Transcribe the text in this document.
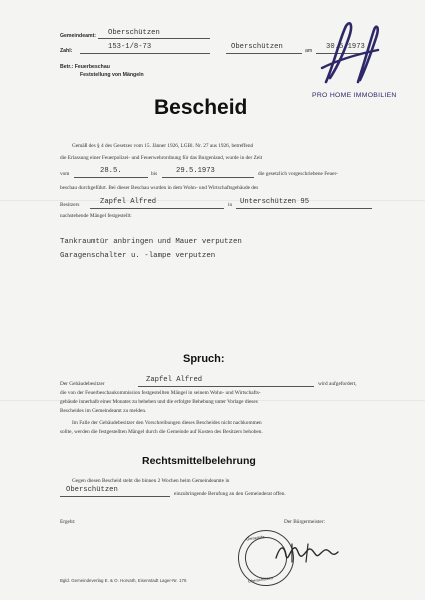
Gemeindeamt: Oberschützen
Zahl:	153-1/8-73	Oberschützen	am 30.5.1973
Betr.: Feuerbeschau
Feststellung von Mängeln
PRO HOME IMMOBILIEN
Bescheid
Gemäß des § 4 des Gesetzes vom 15. Jänner 1926, LGBl. Nr. 27 aus 1926, betreffend
die Erlassung einer Feuerpolizei- und Feuerwehrordnung für das Burgenland, wurde in der Zeit
vom	28.5.	bis	29.5.1973	die gesetzlich vorgeschriebene Feuer-
beschau durchgeführt. Bei dieser Beschau wurden in dem Wohn- und Wirtschaftsgebäude des
Besitzers	Zapfel Alfred	in Unterschützen 95
nachstehende Mängel festgestellt:
Tankraumtür anbringen und Mauer verputzen
Garagenschalter u. -lampe verputzen
Spruch:
Der Gebäudebesitzer	Zapfel Alfred	wird aufgefordert,
die von der Feuerbeschaukommission festgestellten Mängel in seinem Wohn- und Wirtschafts-
gebäude innerhalb eines Monates zu beheben und die erfolgte Behebung unter Vorlage dieses
Bescheides im Gemeindeamt zu melden.
Im Falle der Gebäudebesitzer den Vorschreibungen dieses Bescheides nicht nachkommen
sollte, werden die festgestellten Mängel durch die Gemeinde auf Kosten des Besitzers behoben.
Rechtsmittelbelehrung
Gegen diesen Bescheid steht die binnen 2 Wochen beim Gemeindeamte in
Oberschützen	einzubringende Berufung an den Gemeinderat offen.
Ergeht:	Der Bürgermeister:
Gemeinde
Oberschützen
Bgld. Gemeindeverlag E. & O. Horvath, Eisenstadt Lager-Nr. 176
